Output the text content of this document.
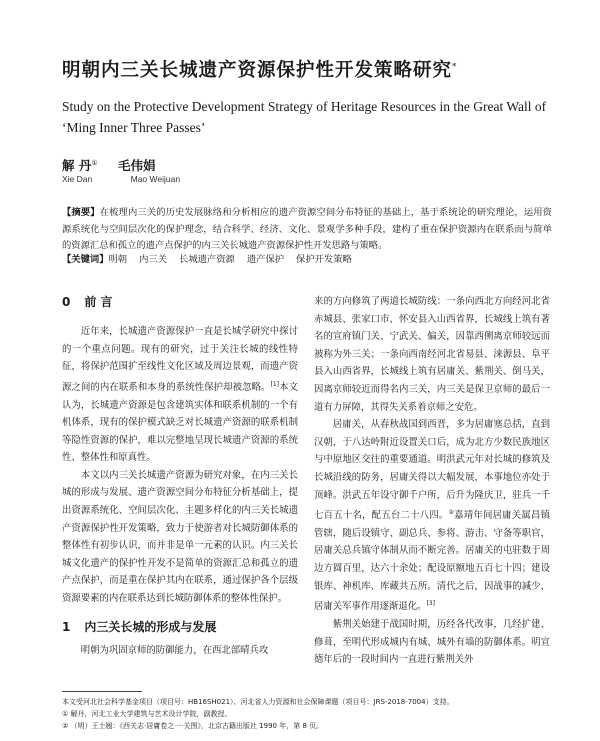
明朝内三关长城遗产资源保护性开发策略研究*
Study on the Protective Development Strategy of Heritage Resources in the Great Wall of
‘Ming Inner Three Passes’
解 丹① 毛伟娟
Xie Dan	Mao Weijuan
【摘要】在梳理内三关的历史发展脉络和分析相应的遗产资源空间分布特征的基础上，基于系统论的研究理论，运用资源系统化与空间层次化的保护理念，结合科学、经济、文化、景观学多种手段，建构了重在保护资源内在联系而与简单的资源汇总和孤立的遗产点保护的内三关长城遗产资源保护性开发思路与策略。
【关键词】明朝 内三关 长城遗产资源 遗产保护 保护开发策略
0 前 言

近年来，长城遗产资源保护一直是长城学研究中探讨的一个重点问题。现有的研究，过于关注长城的线性特征，将保护范围扩至线性文化区域及周边景观，而遗产资源之间的内在联系和本身的系统性保护却被忽略。[1]本文认为，长城遗产资源是包含建筑实体和联系机制的一个有机体系，现有的保护模式缺乏对长城遗产资源的联系机制等隐性资源的保护，难以完整地呈现长城遗产资源的系统性、整体性和原真性。

本文以内三关长城遗产资源为研究对象，在内三关长城的形成与发展、遗产资源空间分布特征分析基础上，提出资源系统化、空间层次化、主题多样化的内三关长城遗产资源保护性开发策略，致力于使游者对长城防御体系的整体性有初步认识，而并非是单一元素的认识。内三关长城文化遗产的保护性开发不是简单的资源汇总和孤立的遗产点保护，而是重在保护其内在联系，通过保护各个层级资源要素的内在联系达到长城防御体系的整体性保护。

1 内三关长城的形成与发展

明朝为巩固京师的防御能力，在西北部晴兵攻

来的方向修筑了两道长城防线：一条向西北方向经河北省赤城县、张家口市、怀安县入山西省界，长城线上筑有著名的宣府镇门关、宁武关、偏关，因靠西侧离京师较远而被称为外三关；一条向西南经河北省易县、涞源县、阜平县入山西省界，长城线上筑有居庸关、紫荆关、倒马关，因离京师较近而得名内三关，内三关是保卫京师的最后一道有力屏障，其得失关系着京师之安危。

居庸关，从春秋战国到西晋，多为居庸塞总括，直到汉朝，于八达岭附近设置关口后，成为北方少数民族地区与中原地区交往的重要通道。明洪武元年对长城的修筑及长城沿线的防务，居庸关得以大幅发展，本事地位亦处于顶峰。洪武五年设守御千户所，后升为隆庆卫，驻兵一千七百五十名，配五台二十八四。②嘉靖年间居庸关属昌镇管辖，随后设镇守、副总兵、参将、游击、守备等职官，居庸关总兵镇守体制从而不断完善。居庸关的屯驻数于周边方圆百里，达六十余处；配设原额地五百七十四；建设银库、神机库、库藏共五所。清代之后，因战事的减少，居庸关军事作用逐渐退化。[3]

紫荆关始建于战国时期，历经各代改事，几经扩建、修葺，至明代形成城内有城、城外有墙的防御体系。明宣德年后的一段时间内一直进行紫荆关外

本文受河北社会科学基金项目（项目号：HB16SH021）、河北省人力资源和社会保障课题（项目号：JRS-2018-7004）支持。
① 解丹，河北工业大学建筑与艺术设计学院，副教授。
② （明）王士翘：《西关志·居庸卷之一·关图》，北京古籍出版社 1990 年，第 8 页。
